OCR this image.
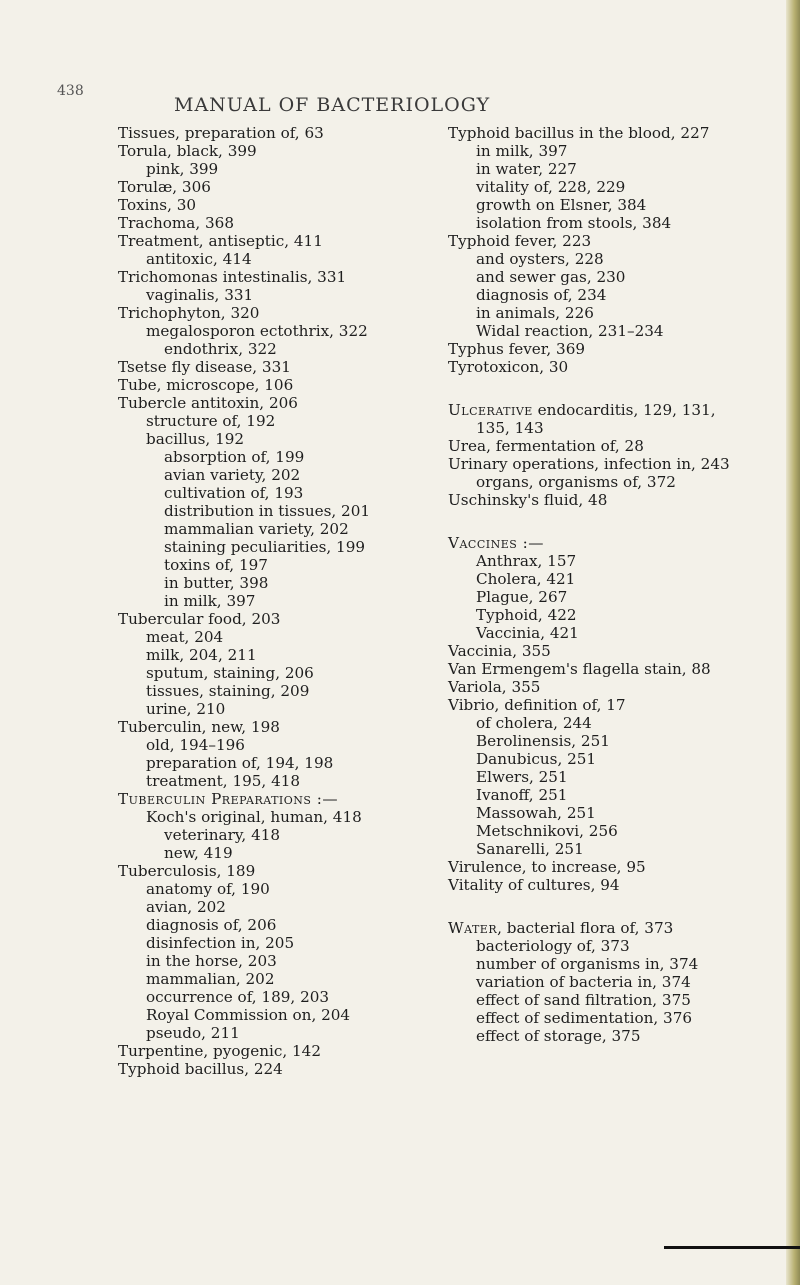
438
MANUAL OF BACTERIOLOGY
Tissues, preparation of, 63
Torula, black, 399
pink, 399
Torulæ, 306
Toxins, 30
Trachoma, 368
Treatment, antiseptic, 411
antitoxic, 414
Trichomonas intestinalis, 331
vaginalis, 331
Trichophyton, 320
megalosporon ectothrix, 322
endothrix, 322
Tsetse fly disease, 331
Tube, microscope, 106
Tubercle antitoxin, 206
structure of, 192
bacillus, 192
absorption of, 199
avian variety, 202
cultivation of, 193
distribution in tissues, 201
mammalian variety, 202
staining peculiarities, 199
toxins of, 197
in butter, 398
in milk, 397
Tubercular food, 203
meat, 204
milk, 204, 211
sputum, staining, 206
tissues, staining, 209
urine, 210
Tuberculin, new, 198
old, 194–196
preparation of, 194, 198
treatment, 195, 418
Tuberculin Preparations :—
Koch's original, human, 418
veterinary, 418
new, 419
Tuberculosis, 189
anatomy of, 190
avian, 202
diagnosis of, 206
disinfection in, 205
in the horse, 203
mammalian, 202
occurrence of, 189, 203
Royal Commission on, 204
pseudo, 211
Turpentine, pyogenic, 142
Typhoid bacillus, 224
Typhoid bacillus in the blood, 227
in milk, 397
in water, 227
vitality of, 228, 229
growth on Elsner, 384
isolation from stools, 384
Typhoid fever, 223
and oysters, 228
and sewer gas, 230
diagnosis of, 234
in animals, 226
Widal reaction, 231–234
Typhus fever, 369
Tyrotoxicon, 30
Ulcerative endocarditis, 129, 131,
135, 143
Urea, fermentation of, 28
Urinary operations, infection in, 243
organs, organisms of, 372
Uschinsky's fluid, 48
Vaccines :—
Anthrax, 157
Cholera, 421
Plague, 267
Typhoid, 422
Vaccinia, 421
Vaccinia, 355
Van Ermengem's flagella stain, 88
Variola, 355
Vibrio, definition of, 17
of cholera, 244
Berolinensis, 251
Danubicus, 251
Elwers, 251
Ivanoff, 251
Massowah, 251
Metschnikovi, 256
Sanarelli, 251
Virulence, to increase, 95
Vitality of cultures, 94
Water, bacterial flora of, 373
bacteriology of, 373
number of organisms in, 374
variation of bacteria in, 374
effect of sand filtration, 375
effect of sedimentation, 376
effect of storage, 375
